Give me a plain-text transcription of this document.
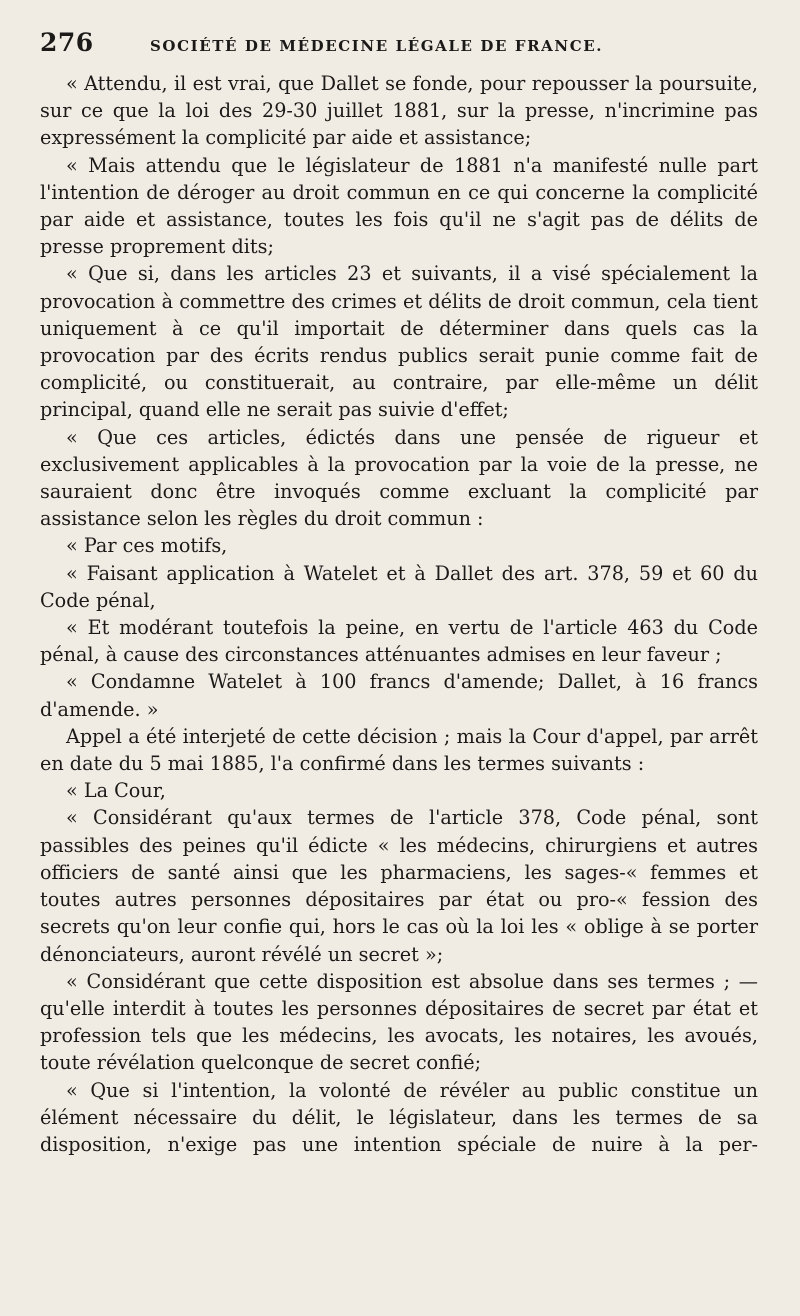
276	SOCIÉTÉ DE MÉDECINE LÉGALE DE FRANCE.

« Attendu, il est vrai, que Dallet se fonde, pour repousser la poursuite, sur ce que la loi des 29-30 juillet 1881, sur la presse, n'incrimine pas expressément la complicité par aide et assistance;

« Mais attendu que le législateur de 1881 n'a manifesté nulle part l'intention de déroger au droit commun en ce qui concerne la complicité par aide et assistance, toutes les fois qu'il ne s'agit pas de délits de presse proprement dits;

« Que si, dans les articles 23 et suivants, il a visé spécialement la provocation à commettre des crimes et délits de droit commun, cela tient uniquement à ce qu'il importait de déterminer dans quels cas la provocation par des écrits rendus publics serait punie comme fait de complicité, ou constituerait, au contraire, par elle-même un délit principal, quand elle ne serait pas suivie d'effet;

« Que ces articles, édictés dans une pensée de rigueur et exclusivement applicables à la provocation par la voie de la presse, ne sauraient donc être invoqués comme excluant la complicité par assistance selon les règles du droit commun :

« Par ces motifs,

« Faisant application à Watelet et à Dallet des art. 378, 59 et 60 du Code pénal,

« Et modérant toutefois la peine, en vertu de l'article 463 du Code pénal, à cause des circonstances atténuantes admises en leur faveur ;

« Condamne Watelet à 100 francs d'amende; Dallet, à 16 francs d'amende. »

Appel a été interjeté de cette décision ; mais la Cour d'appel, par arrêt en date du 5 mai 1885, l'a confirmé dans les termes suivants :

« La Cour,

« Considérant qu'aux termes de l'article 378, Code pénal, sont passibles des peines qu'il édicte « les médecins, chirurgiens et autres officiers de santé ainsi que les pharmaciens, les sages-« femmes et toutes autres personnes dépositaires par état ou pro-« fession des secrets qu'on leur confie qui, hors le cas où la loi les « oblige à se porter dénonciateurs, auront révélé un secret »;

« Considérant que cette disposition est absolue dans ses termes ; — qu'elle interdit à toutes les personnes dépositaires de secret par état et profession tels que les médecins, les avocats, les notaires, les avoués, toute révélation quelconque de secret confié;

« Que si l'intention, la volonté de révéler au public constitue un élément nécessaire du délit, le législateur, dans les termes de sa disposition, n'exige pas une intention spéciale de nuire à la per-
